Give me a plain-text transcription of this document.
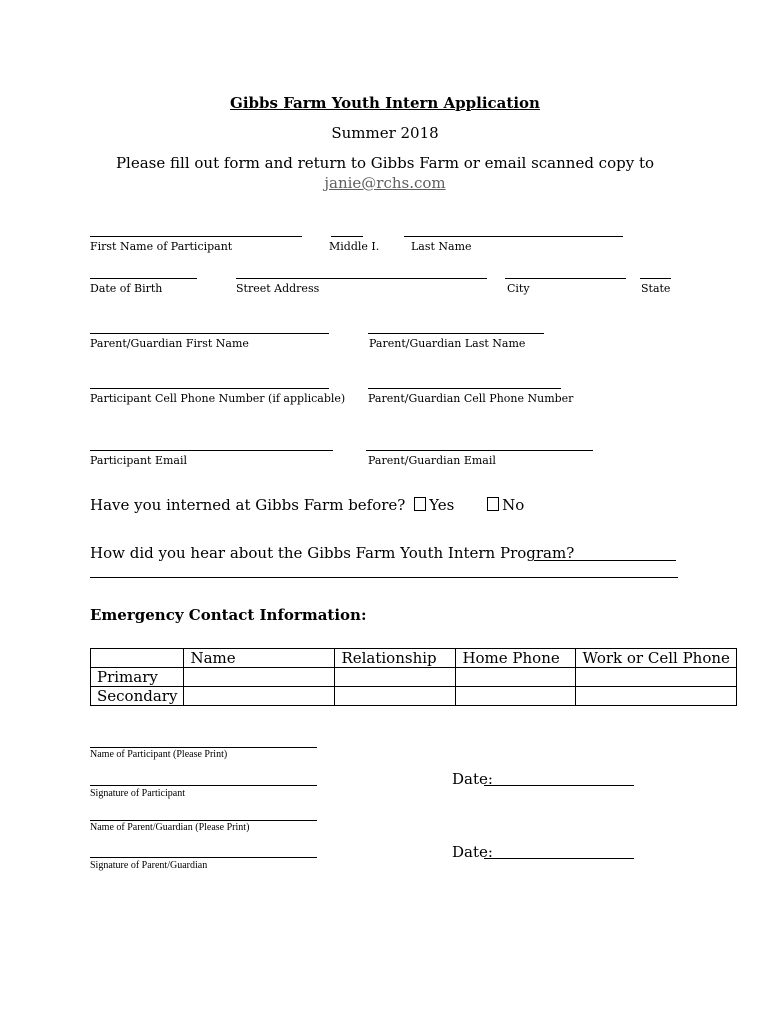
Gibbs Farm Youth Intern Application
Summer 2018
Please fill out form and return to Gibbs Farm or email scanned copy to
janie@rchs.com
First Name of Participant	Middle I.	Last Name
Date of Birth	Street Address	City	State
Parent/Guardian First Name	Parent/Guardian Last Name
Participant Cell Phone Number (if applicable) Parent/Guardian Cell Phone Number
Participant Email	Parent/Guardian Email
Have you interned at Gibbs Farm before? Yes	No
How did you hear about the Gibbs Farm Youth Intern Program?
Emergency Contact Information:
	Name	Relationship	Home Phone	Work or Cell Phone
Primary				
Secondary				
Name of Participant (Please Print)
Signature of Participant
Date:
Name of Parent/Guardian (Please Print)
Signature of Parent/Guardian
Date:
